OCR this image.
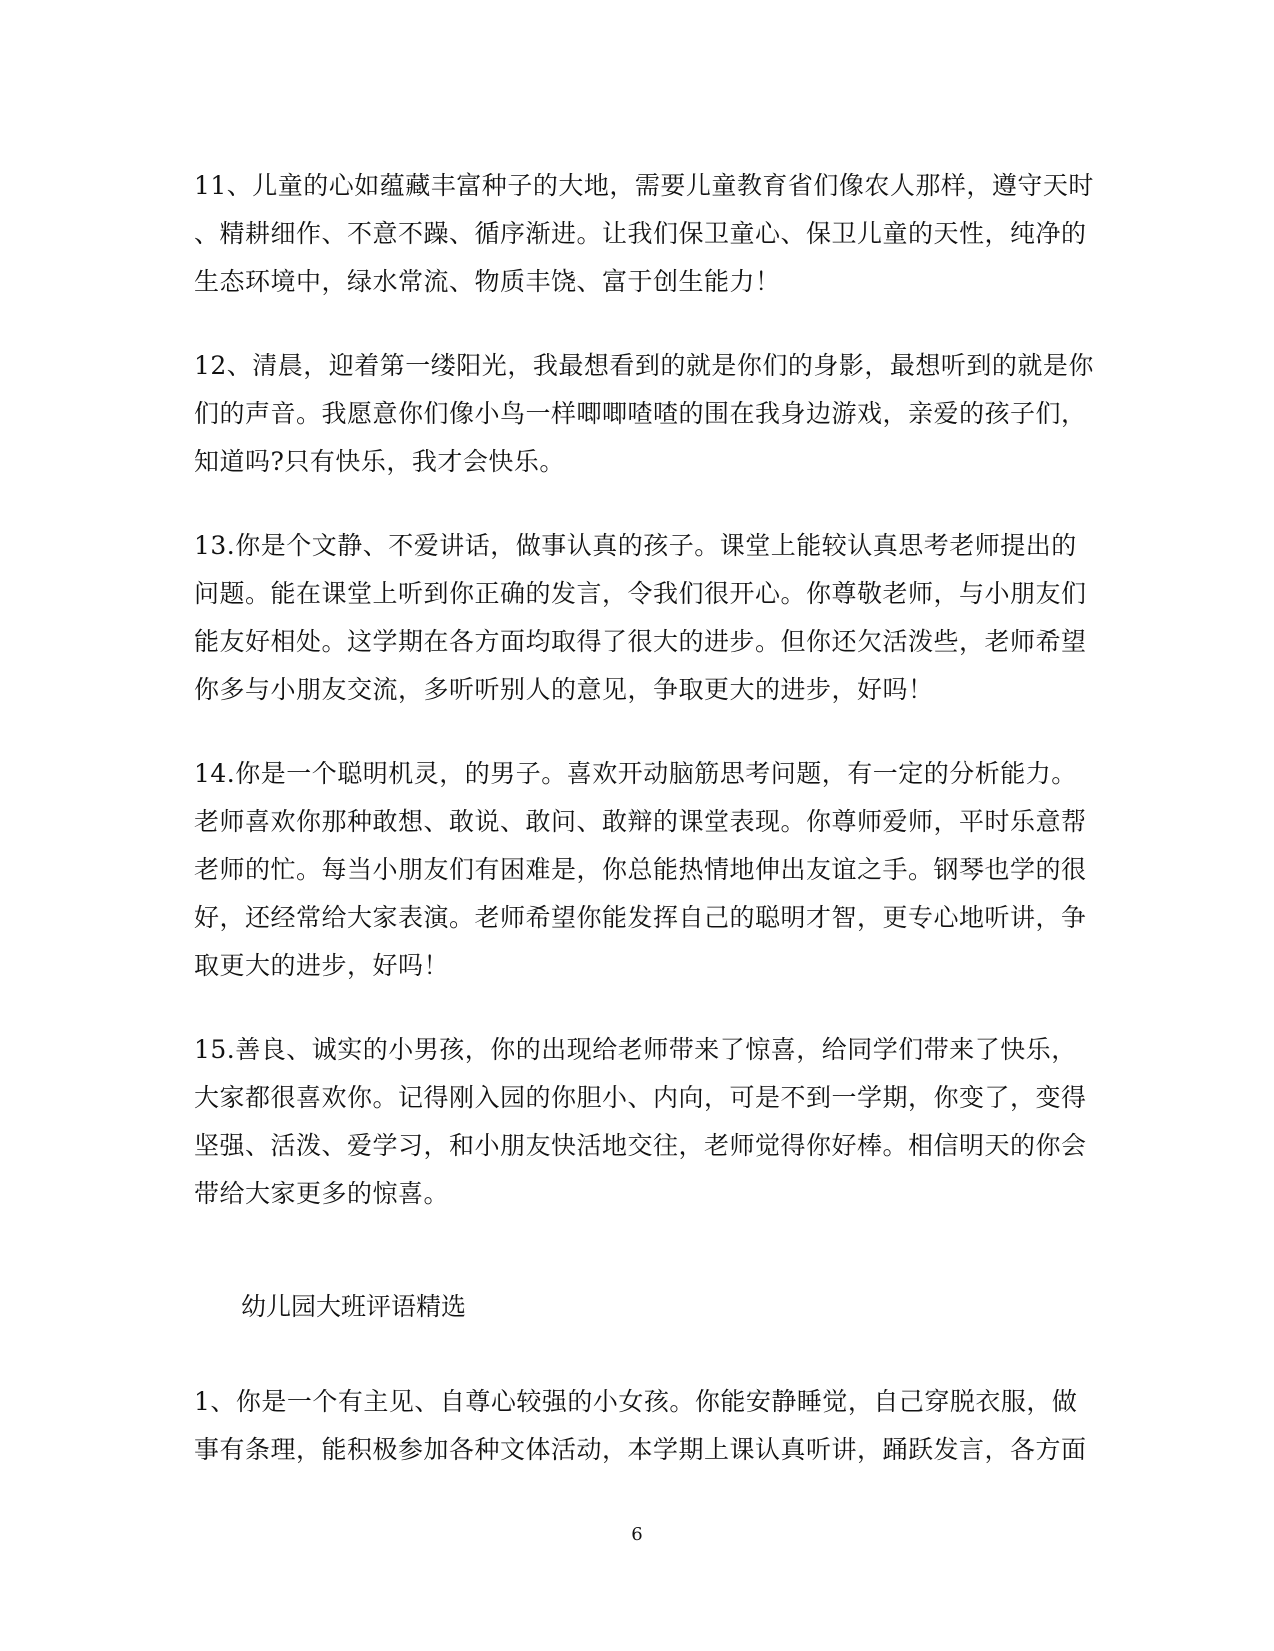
11、儿童的心如蕴藏丰富种子的大地，需要儿童教育省们像农人那样，遵守天时
、精耕细作、不意不躁、循序渐进。让我们保卫童心、保卫儿童的天性，纯净的
生态环境中，绿水常流、物质丰饶、富于创生能力！
12、清晨，迎着第一缕阳光，我最想看到的就是你们的身影，最想听到的就是你
们的声音。我愿意你们像小鸟一样唧唧喳喳的围在我身边游戏，亲爱的孩子们，
知道吗?只有快乐，我才会快乐。
13.你是个文静、不爱讲话，做事认真的孩子。课堂上能较认真思考老师提出的
问题。能在课堂上听到你正确的发言，令我们很开心。你尊敬老师，与小朋友们
能友好相处。这学期在各方面均取得了很大的进步。但你还欠活泼些，老师希望
你多与小朋友交流，多听听别人的意见，争取更大的进步，好吗！
14.你是一个聪明机灵，的男子。喜欢开动脑筋思考问题，有一定的分析能力。
老师喜欢你那种敢想、敢说、敢问、敢辩的课堂表现。你尊师爱师，平时乐意帮
老师的忙。每当小朋友们有困难是，你总能热情地伸出友谊之手。钢琴也学的很
好，还经常给大家表演。老师希望你能发挥自己的聪明才智，更专心地听讲，争
取更大的进步，好吗！
15.善良、诚实的小男孩，你的出现给老师带来了惊喜，给同学们带来了快乐，
大家都很喜欢你。记得刚入园的你胆小、内向，可是不到一学期，你变了，变得
坚强、活泼、爱学习，和小朋友快活地交往，老师觉得你好棒。相信明天的你会
带给大家更多的惊喜。
幼儿园大班评语精选
1、你是一个有主见、自尊心较强的小女孩。你能安静睡觉，自己穿脱衣服，做
事有条理，能积极参加各种文体活动，本学期上课认真听讲，踊跃发言，各方面
6
